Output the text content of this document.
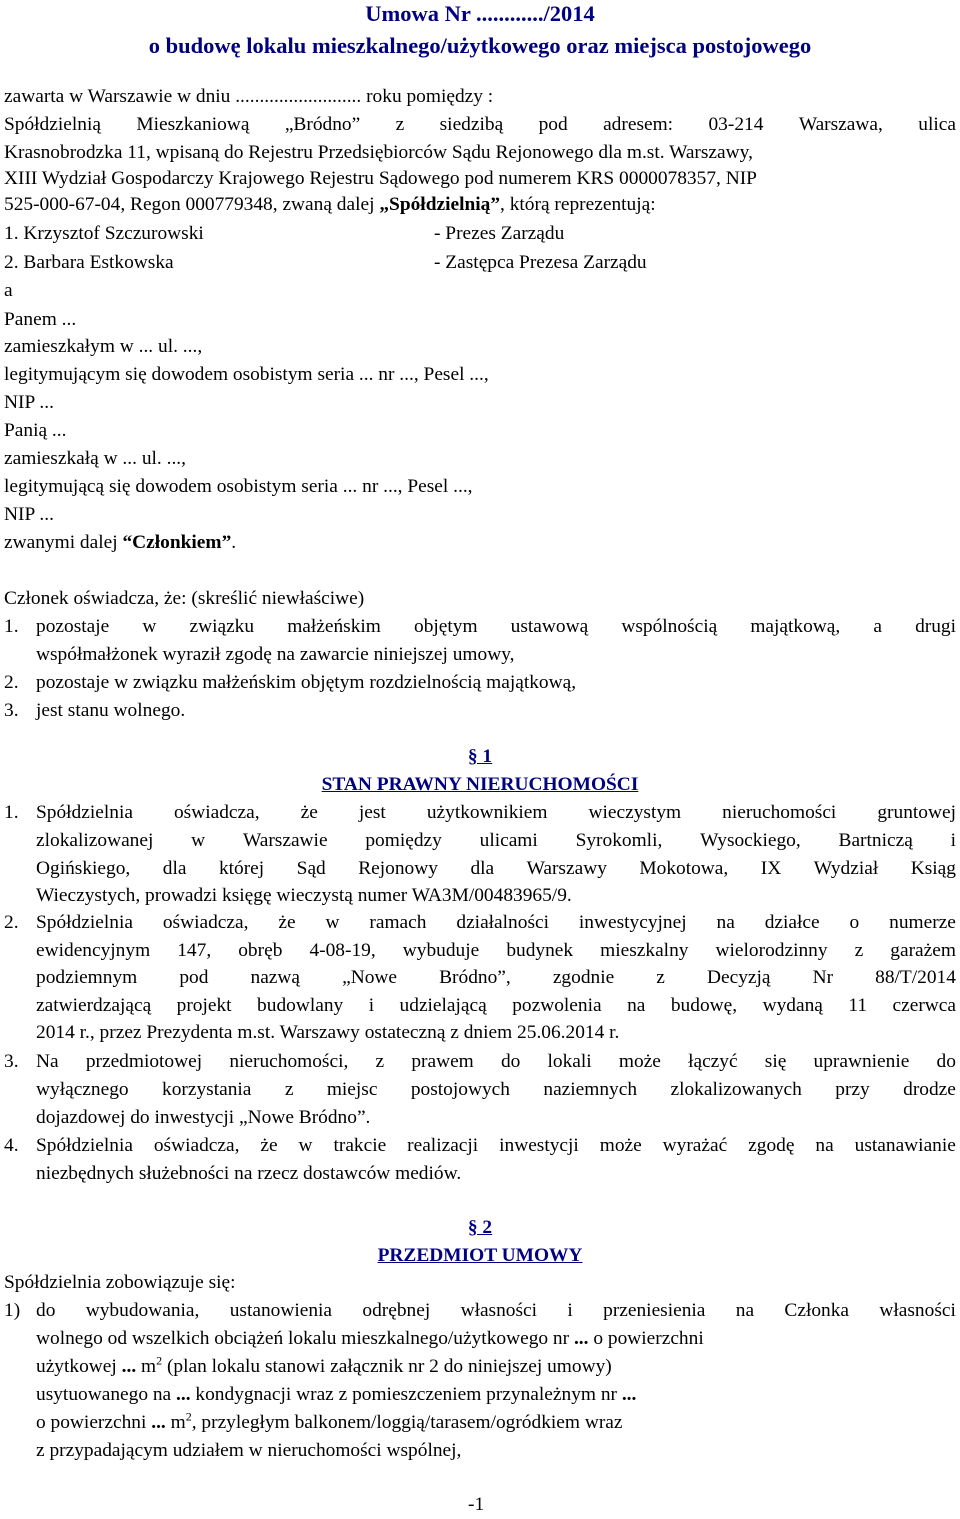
Umowa Nr ............/2014
o budowę lokalu mieszkalnego/użytkowego oraz miejsca postojowego
zawarta w Warszawie w dniu .......................... roku pomiędzy :
Spółdzielnią Mieszkaniową „Bródno” z siedzibą pod adresem: 03-214 Warszawa, ulica
Krasnobrodzka 11, wpisaną do Rejestru Przedsiębiorców Sądu Rejonowego dla m.st. Warszawy,
XIII Wydział Gospodarczy Krajowego Rejestru Sądowego pod numerem KRS 0000078357, NIP
525-000-67-04, Regon 000779348, zwaną dalej „Spółdzielnią”, którą reprezentują:
1. Krzysztof Szczurowski	- Prezes Zarządu
2. Barbara Estkowska	- Zastępca Prezesa Zarządu
a
Panem ...
zamieszkałym w ... ul. ...,
legitymującym się dowodem osobistym seria ... nr ..., Pesel ...,
NIP ...
Panią ...
zamieszkałą w ... ul. ...,
legitymującą się dowodem osobistym seria ... nr ..., Pesel ...,
NIP ...
zwanymi dalej “Członkiem”.
Członek oświadcza, że: (skreślić niewłaściwe)
1. pozostaje w związku małżeńskim objętym ustawową wspólnością majątkową, a drugi
współmałżonek wyraził zgodę na zawarcie niniejszej umowy,
2. pozostaje w związku małżeńskim objętym rozdzielnością majątkową,
3. jest stanu wolnego.
§ 1
STAN PRAWNY NIERUCHOMOŚCI
1. Spółdzielnia oświadcza, że jest użytkownikiem wieczystym nieruchomości gruntowej
zlokalizowanej w Warszawie pomiędzy ulicami Syrokomli, Wysockiego, Bartniczą i
Ogińskiego, dla której Sąd Rejonowy dla Warszawy Mokotowa, IX Wydział Ksiąg
Wieczystych, prowadzi księgę wieczystą numer WA3M/00483965/9.
2. Spółdzielnia oświadcza, że w ramach działalności inwestycyjnej na działce o numerze
ewidencyjnym 147, obręb 4-08-19, wybuduje budynek mieszkalny wielorodzinny z garażem
podziemnym pod nazwą „Nowe Bródno”, zgodnie z Decyzją Nr 88/T/2014
zatwierdzającą projekt budowlany i udzielającą pozwolenia na budowę, wydaną 11 czerwca
2014 r., przez Prezydenta m.st. Warszawy ostateczną z dniem 25.06.2014 r.
3. Na przedmiotowej nieruchomości, z prawem do lokali może łączyć się uprawnienie do
wyłącznego korzystania z miejsc postojowych naziemnych zlokalizowanych przy drodze
dojazdowej do inwestycji „Nowe Bródno”.
4. Spółdzielnia oświadcza, że w trakcie realizacji inwestycji może wyrażać zgodę na ustanawianie
niezbędnych służebności na rzecz dostawców mediów.
§ 2
PRZEDMIOT UMOWY
Spółdzielnia zobowiązuje się:
1) do wybudowania, ustanowienia odrębnej własności i przeniesienia na Członka własności
wolnego od wszelkich obciążeń lokalu mieszkalnego/użytkowego nr ... o powierzchni
użytkowej ... $m^2$ (plan lokalu stanowi załącznik nr 2 do niniejszej umowy)
usytuowanego na ... kondygnacji wraz z pomieszczeniem przynależnym nr ...
o powierzchni ... $m^2$, przyległym balkonem/loggią/tarasem/ogródkiem wraz
z przypadającym udziałem w nieruchomości wspólnej,
-1
